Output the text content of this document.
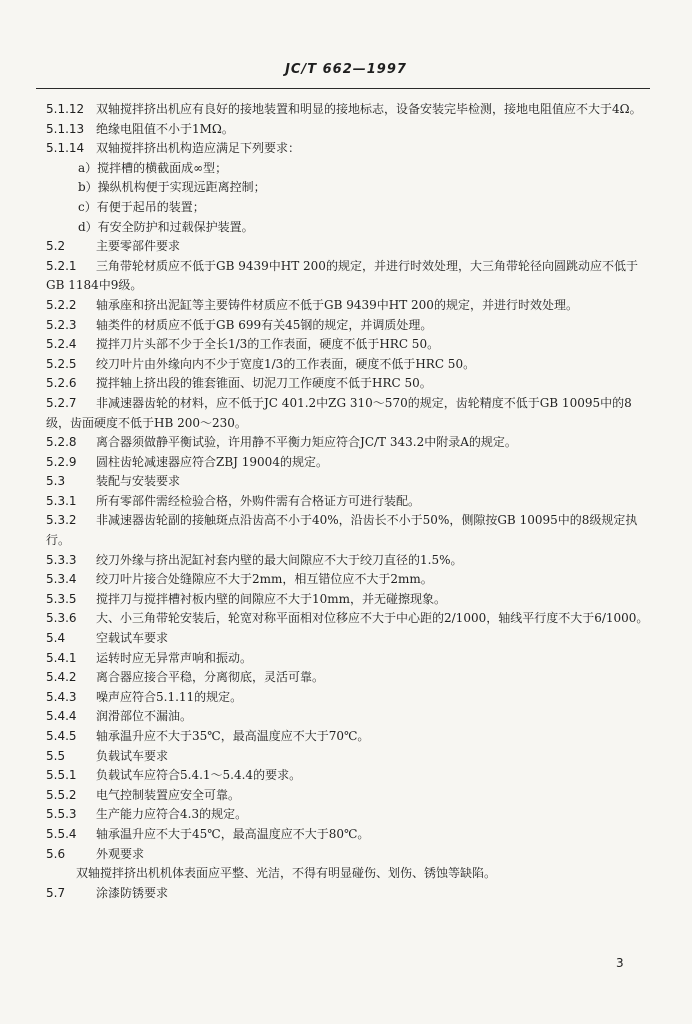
JC/T 662—1997
5.1.12 双轴搅拌挤出机应有良好的接地装置和明显的接地标志，设备安装完毕检测，接地电阻值应不大于4Ω。
5.1.13 绝缘电阻值不小于1MΩ。
5.1.14 双轴搅拌挤出机构造应满足下列要求：
a）搅拌槽的横截面成∞型；
b）操纵机构便于实现远距离控制；
c）有便于起吊的装置；
d）有安全防护和过载保护装置。
5.2	主要零部件要求
5.2.1 三角带轮材质应不低于GB 9439中HT 200的规定，并进行时效处理，大三角带轮径向圆跳动应不低于GB 1184中9级。
5.2.2 轴承座和挤出泥缸等主要铸件材质应不低于GB 9439中HT 200的规定，并进行时效处理。
5.2.3 轴类件的材质应不低于GB 699有关45钢的规定，并调质处理。
5.2.4 搅拌刀片头部不少于全长1/3的工作表面，硬度不低于HRC 50。
5.2.5 绞刀叶片由外缘向内不少于宽度1/3的工作表面，硬度不低于HRC 50。
5.2.6 搅拌轴上挤出段的锥套锥面、切泥刀工作硬度不低于HRC 50。
5.2.7 非减速器齿轮的材料，应不低于JC 401.2中ZG 310～570的规定，齿轮精度不低于GB 10095中的8级，齿面硬度不低于HB 200～230。
5.2.8 离合器须做静平衡试验，许用静不平衡力矩应符合JC/T 343.2中附录A的规定。
5.2.9 圆柱齿轮减速器应符合ZBJ 19004的规定。
5.3	装配与安装要求
5.3.1 所有零部件需经检验合格，外购件需有合格证方可进行装配。
5.3.2 非减速器齿轮副的接触斑点沿齿高不小于40%，沿齿长不小于50%，侧隙按GB 10095中的8级规定执行。
5.3.3 绞刀外缘与挤出泥缸衬套内壁的最大间隙应不大于绞刀直径的1.5%。
5.3.4 绞刀叶片接合处缝隙应不大于2mm，相互错位应不大于2mm。
5.3.5 搅拌刀与搅拌槽衬板内壁的间隙应不大于10mm，并无碰擦现象。
5.3.6 大、小三角带轮安装后，轮宽对称平面相对位移应不大于中心距的2/1000，轴线平行度不大于6/1000。
5.4	空载试车要求
5.4.1 运转时应无异常声响和振动。
5.4.2 离合器应接合平稳，分离彻底，灵活可靠。
5.4.3 噪声应符合5.1.11的规定。
5.4.4 润滑部位不漏油。
5.4.5 轴承温升应不大于35℃，最高温度应不大于70℃。
5.5	负载试车要求
5.5.1 负载试车应符合5.4.1～5.4.4的要求。
5.5.2 电气控制装置应安全可靠。
5.5.3 生产能力应符合4.3的规定。
5.5.4 轴承温升应不大于45℃，最高温度应不大于80℃。
5.6	外观要求
双轴搅拌挤出机机体表面应平整、光洁，不得有明显碰伤、划伤、锈蚀等缺陷。
5.7	涂漆防锈要求
3
